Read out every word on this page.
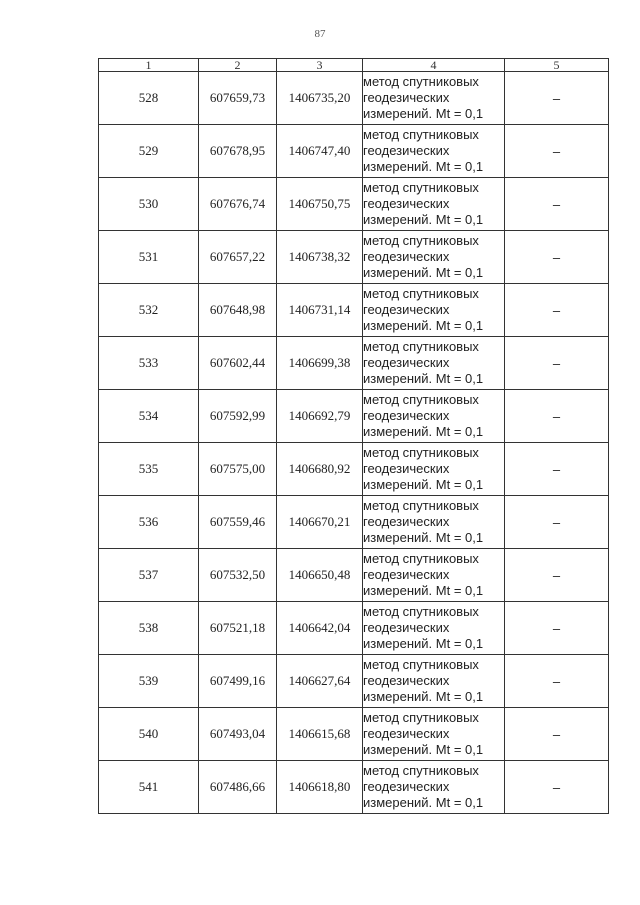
87
1	2	3	4	5
528	607659,73	1406735,20	метод спутниковых
геодезических
измерений. Mt = 0,1	–
529	607678,95	1406747,40	метод спутниковых
геодезических
измерений. Mt = 0,1	–
530	607676,74	1406750,75	метод спутниковых
геодезических
измерений. Mt = 0,1	–
531	607657,22	1406738,32	метод спутниковых
геодезических
измерений. Mt = 0,1	–
532	607648,98	1406731,14	метод спутниковых
геодезических
измерений. Mt = 0,1	–
533	607602,44	1406699,38	метод спутниковых
геодезических
измерений. Mt = 0,1	–
534	607592,99	1406692,79	метод спутниковых
геодезических
измерений. Mt = 0,1	–
535	607575,00	1406680,92	метод спутниковых
геодезических
измерений. Mt = 0,1	–
536	607559,46	1406670,21	метод спутниковых
геодезических
измерений. Mt = 0,1	–
537	607532,50	1406650,48	метод спутниковых
геодезических
измерений. Mt = 0,1	–
538	607521,18	1406642,04	метод спутниковых
геодезических
измерений. Mt = 0,1	–
539	607499,16	1406627,64	метод спутниковых
геодезических
измерений. Mt = 0,1	–
540	607493,04	1406615,68	метод спутниковых
геодезических
измерений. Mt = 0,1	–
541	607486,66	1406618,80	метод спутниковых
геодезических
измерений. Mt = 0,1	–
